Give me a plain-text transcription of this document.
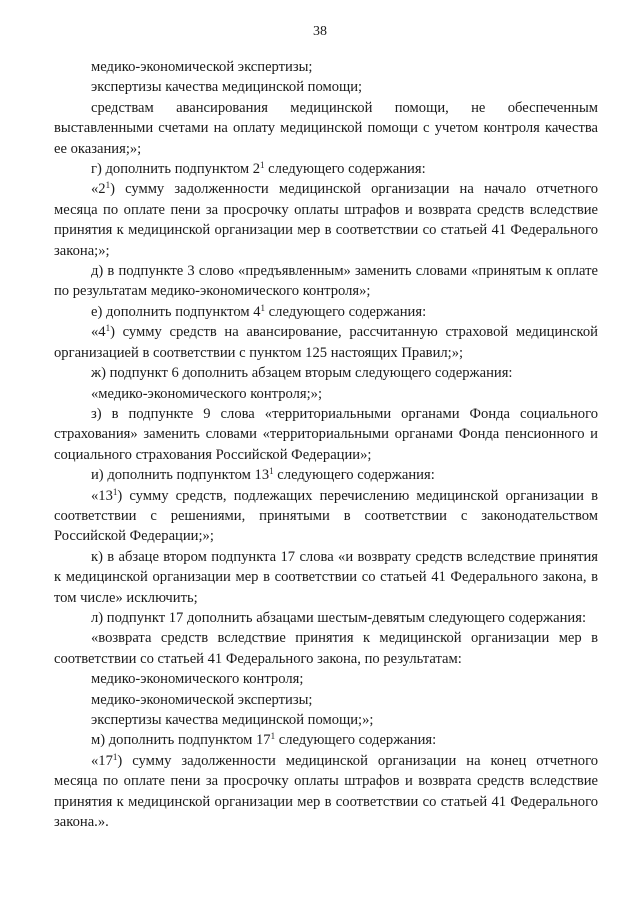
38

медико-экономической экспертизы;

экспертизы качества медицинской помощи;

средствам авансирования медицинской помощи, не обеспеченным выставленными счетами на оплату медицинской помощи с учетом контроля качества ее оказания;»;

г) дополнить подпунктом $2^1$ следующего содержания:

«$2^1$) сумму задолженности медицинской организации на начало отчетного месяца по оплате пени за просрочку оплаты штрафов и возврата средств вследствие принятия к медицинской организации мер в соответствии со статьей 41 Федерального закона;»;

д) в подпункте 3 слово «предъявленным» заменить словами «принятым к оплате по результатам медико-экономического контроля»;

е) дополнить подпунктом $4^1$ следующего содержания:

«$4^1$) сумму средств на авансирование, рассчитанную страховой медицинской организацией в соответствии с пунктом 125 настоящих Правил;»;

ж) подпункт 6 дополнить абзацем вторым следующего содержания:

«медико-экономического контроля;»;

з) в подпункте 9 слова «территориальными органами Фонда социального страхования» заменить словами «территориальными органами Фонда пенсионного и социального страхования Российской Федерации»;

и) дополнить подпунктом $13^1$ следующего содержания:

«$13^1$) сумму средств, подлежащих перечислению медицинской организации в соответствии с решениями, принятыми в соответствии с законодательством Российской Федерации;»;

к) в абзаце втором подпункта 17 слова «и возврату средств вследствие принятия к медицинской организации мер в соответствии со статьей 41 Федерального закона, в том числе» исключить;

л) подпункт 17 дополнить абзацами шестым-девятым следующего содержания:

«возврата средств вследствие принятия к медицинской организации мер в соответствии со статьей 41 Федерального закона, по результатам:

медико-экономического контроля;

медико-экономической экспертизы;

экспертизы качества медицинской помощи;»;

м) дополнить подпунктом $17^1$ следующего содержания:

«$17^1$) сумму задолженности медицинской организации на конец отчетного месяца по оплате пени за просрочку оплаты штрафов и возврата средств вследствие принятия к медицинской организации мер в соответствии со статьей 41 Федерального закона.».
